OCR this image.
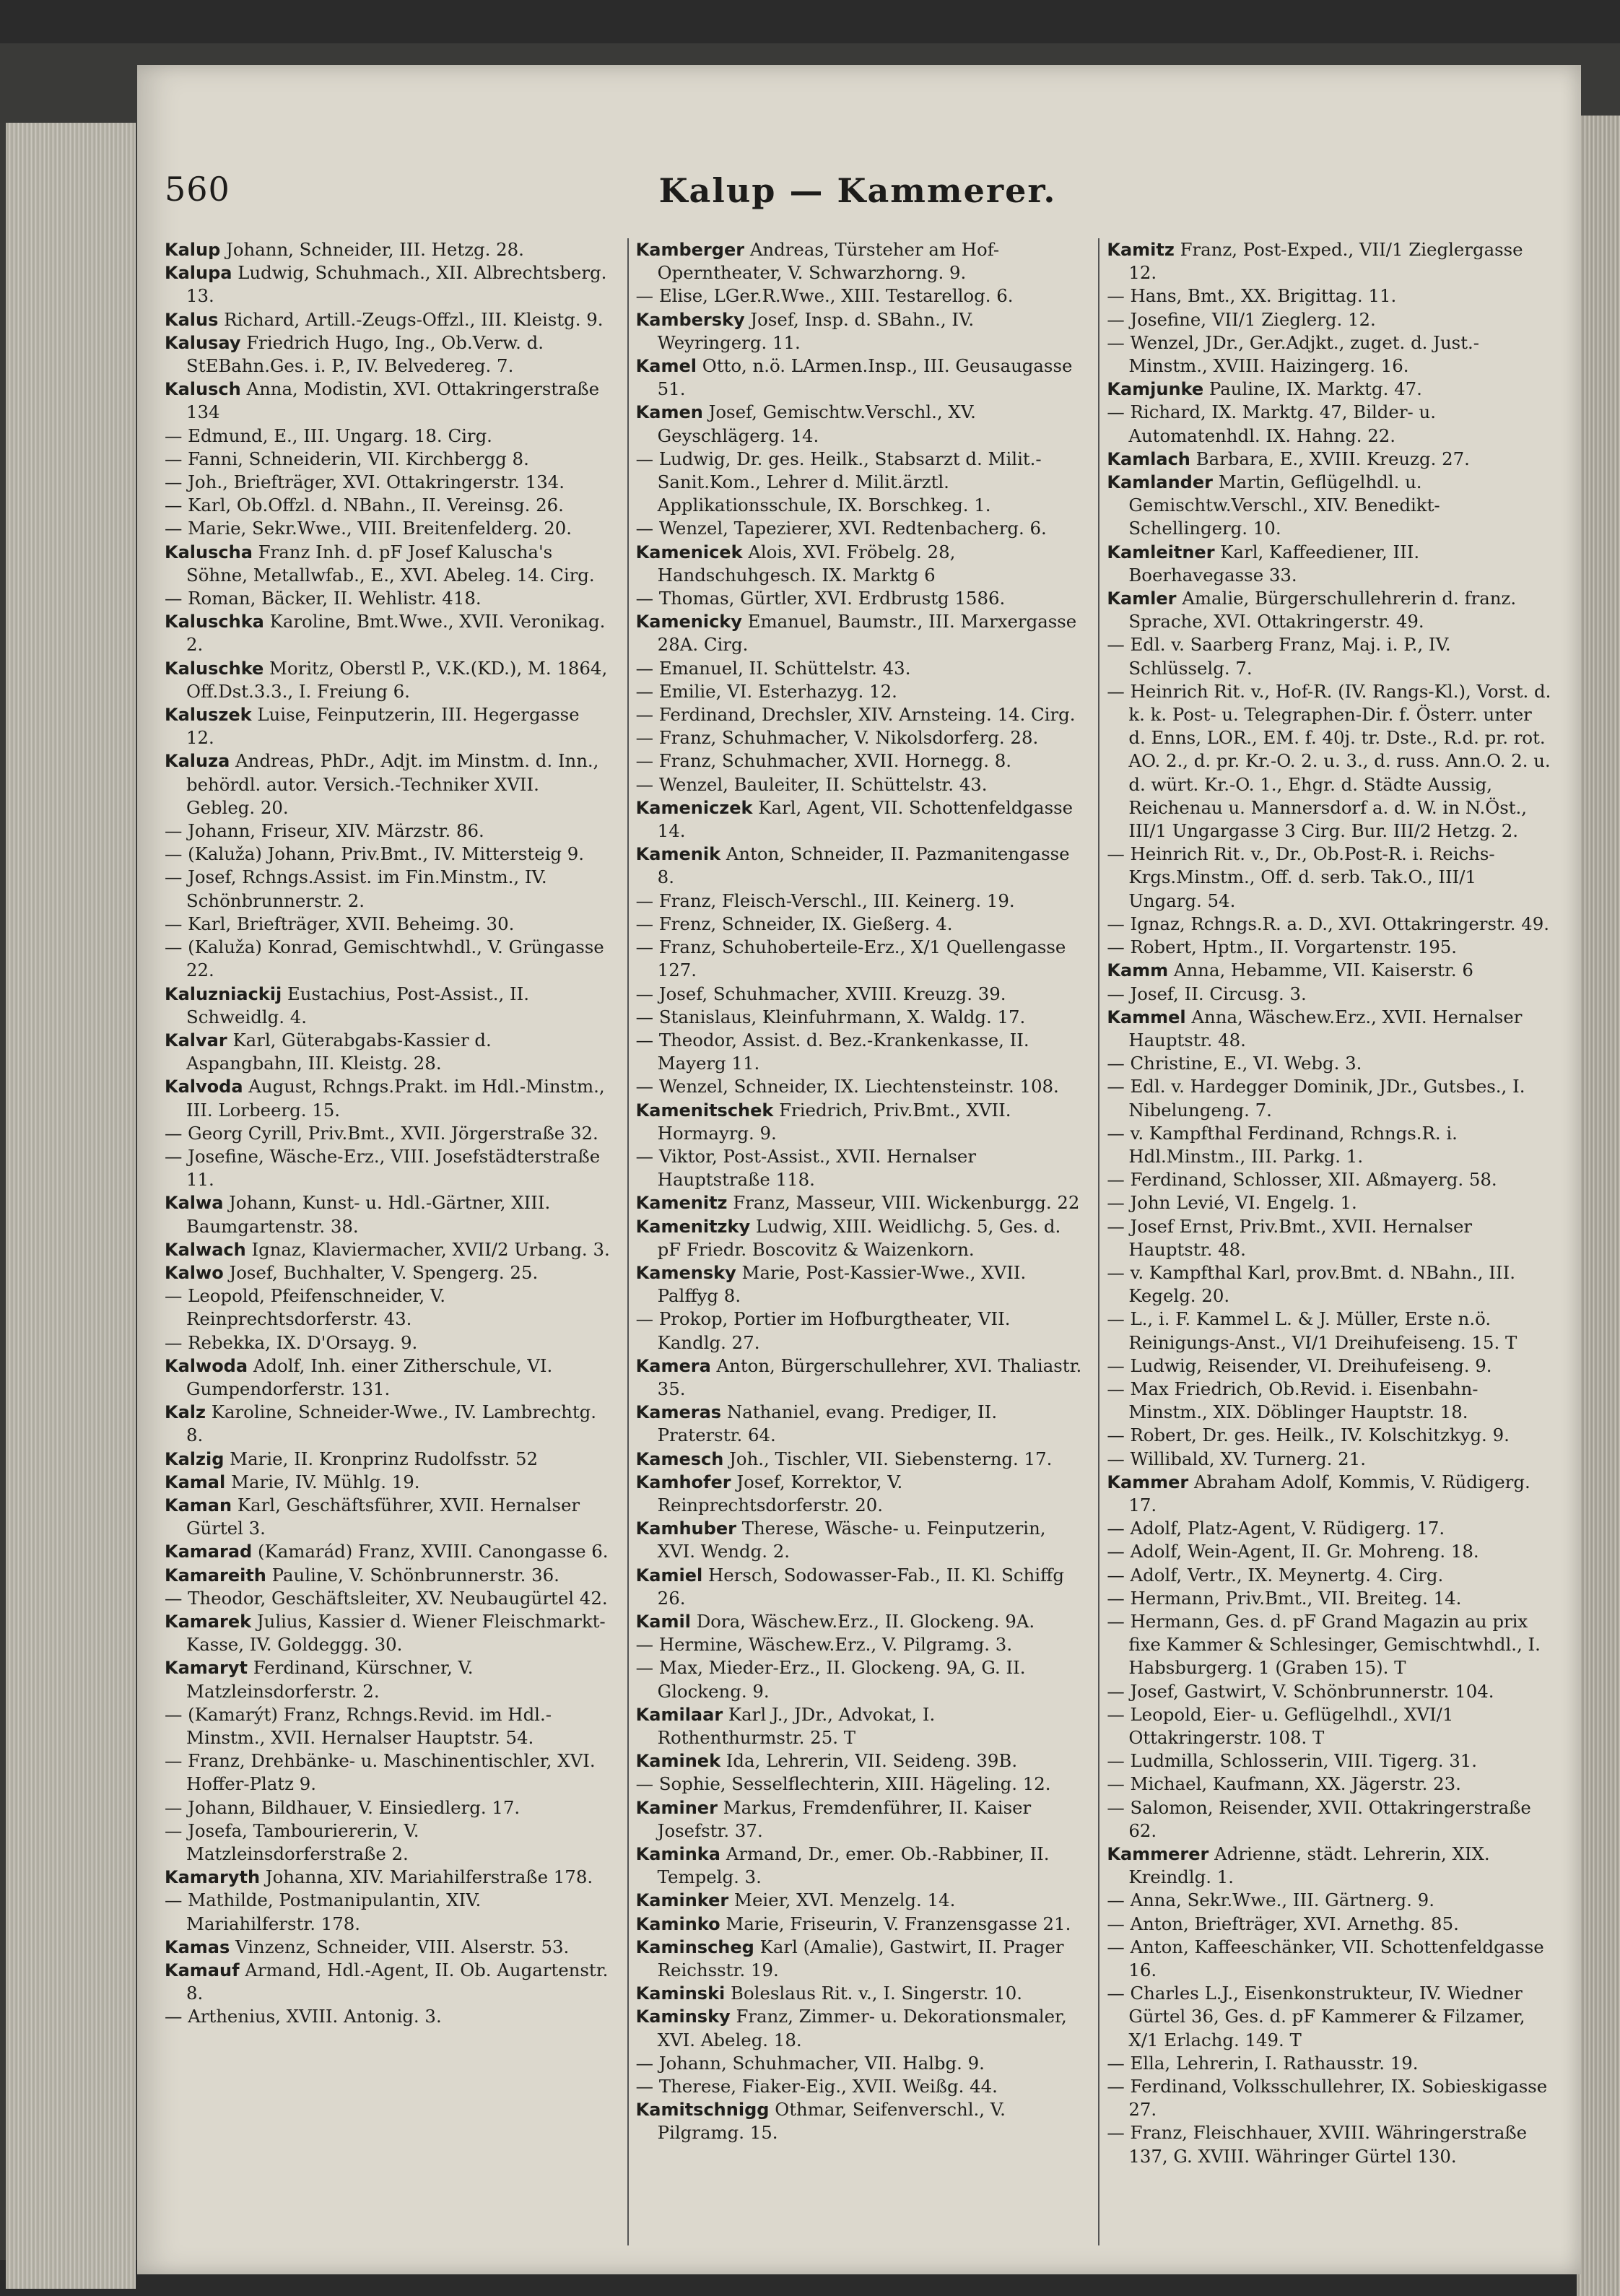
560	Kalup — Kammerer.

Kalup Johann, Schneider, III. Hetzg. 28.

Kalupa Ludwig, Schuhmach., XII. Albrechtsberg. 13.

Kalus Richard, Artill.-Zeugs-Offzl., III. Kleistg. 9.

Kalusay Friedrich Hugo, Ing., Ob.Verw. d. StEBahn.Ges. i. P., IV. Belvedereg. 7.

Kalusch Anna, Modistin, XVI. Ottakringerstraße 134

— Edmund, E., III. Ungarg. 18. Cirg.

— Fanni, Schneiderin, VII. Kirchbergg 8.

— Joh., Briefträger, XVI. Ottakringerstr. 134.

— Karl, Ob.Offzl. d. NBahn., II. Vereinsg. 26.

— Marie, Sekr.Wwe., VIII. Breitenfelderg. 20.

Kaluscha Franz Inh. d. pF Josef Kaluscha's Söhne, Metallwfab., E., XVI. Abeleg. 14. Cirg.

— Roman, Bäcker, II. Wehlistr. 418.

Kaluschka Karoline, Bmt.Wwe., XVII. Veronikag. 2.

Kaluschke Moritz, Oberstl P., V.K.(KD.), M. 1864, Off.Dst.3.3., I. Freiung 6.

Kaluszek Luise, Feinputzerin, III. Hegergasse 12.

Kaluza Andreas, PhDr., Adjt. im Minstm. d. Inn., behördl. autor. Versich.-Techniker XVII. Gebleg. 20.

— Johann, Friseur, XIV. Märzstr. 86.

— (Kaluža) Johann, Priv.Bmt., IV. Mittersteig 9.

— Josef, Rchngs.Assist. im Fin.Minstm., IV. Schönbrunnerstr. 2.

— Karl, Briefträger, XVII. Beheimg. 30.

— (Kaluža) Konrad, Gemischtwhdl., V. Grüngasse 22.

Kaluzniackij Eustachius, Post-Assist., II. Schweidlg. 4.

Kalvar Karl, Güterabgabs-Kassier d. Aspangbahn, III. Kleistg. 28.

Kalvoda August, Rchngs.Prakt. im Hdl.-Minstm., III. Lorbeerg. 15.

— Georg Cyrill, Priv.Bmt., XVII. Jörgerstraße 32.

— Josefine, Wäsche-Erz., VIII. Josefstädterstraße 11.

Kalwa Johann, Kunst- u. Hdl.-Gärtner, XIII. Baumgartenstr. 38.

Kalwach Ignaz, Klaviermacher, XVII/2 Urbang. 3.

Kalwo Josef, Buchhalter, V. Spengerg. 25.

— Leopold, Pfeifenschneider, V. Reinprechtsdorferstr. 43.

— Rebekka, IX. D'Orsayg. 9.

Kalwoda Adolf, Inh. einer Zitherschule, VI. Gumpendorferstr. 131.

Kalz Karoline, Schneider-Wwe., IV. Lambrechtg. 8.

Kalzig Marie, II. Kronprinz Rudolfsstr. 52

Kamal Marie, IV. Mühlg. 19.

Kaman Karl, Geschäftsführer, XVII. Hernalser Gürtel 3.

Kamarad (Kamarád) Franz, XVIII. Canongasse 6.

Kamareith Pauline, V. Schönbrunnerstr. 36.

— Theodor, Geschäftsleiter, XV. Neubaugürtel 42.

Kamarek Julius, Kassier d. Wiener Fleischmarkt-Kasse, IV. Goldeggg. 30.

Kamaryt Ferdinand, Kürschner, V. Matzleinsdorferstr. 2.

— (Kamarýt) Franz, Rchngs.Revid. im Hdl.-Minstm., XVII. Hernalser Hauptstr. 54.

— Franz, Drehbänke- u. Maschinentischler, XVI. Hoffer-Platz 9.

— Johann, Bildhauer, V. Einsiedlerg. 17.

— Josefa, Tambouriererin, V. Matzleinsdorferstraße 2.

Kamaryth Johanna, XIV. Mariahilferstraße 178.

— Mathilde, Postmanipulantin, XIV. Mariahilferstr. 178.

Kamas Vinzenz, Schneider, VIII. Alserstr. 53.

Kamauf Armand, Hdl.-Agent, II. Ob. Augartenstr. 8.

— Arthenius, XVIII. Antonig. 3.

Kamberger Andreas, Türsteher am Hof-Operntheater, V. Schwarzhorng. 9.

— Elise, LGer.R.Wwe., XIII. Testarellog. 6.

Kambersky Josef, Insp. d. SBahn., IV. Weyringerg. 11.

Kamel Otto, n.ö. LArmen.Insp., III. Geusaugasse 51.

Kamen Josef, Gemischtw.Verschl., XV. Geyschlägerg. 14.

— Ludwig, Dr. ges. Heilk., Stabsarzt d. Milit.-Sanit.Kom., Lehrer d. Milit.ärztl. Applikationsschule, IX. Borschkeg. 1.

— Wenzel, Tapezierer, XVI. Redtenbacherg. 6.

Kamenicek Alois, XVI. Fröbelg. 28, Handschuhgesch. IX. Marktg 6

— Thomas, Gürtler, XVI. Erdbrustg 1586.

Kamenicky Emanuel, Baumstr., III. Marxergasse 28A. Cirg.

— Emanuel, II. Schüttelstr. 43.

— Emilie, VI. Esterhazyg. 12.

— Ferdinand, Drechsler, XIV. Arnsteing. 14. Cirg.

— Franz, Schuhmacher, V. Nikolsdorferg. 28.

— Franz, Schuhmacher, XVII. Hornegg. 8.

— Wenzel, Bauleiter, II. Schüttelstr. 43.

Kameniczek Karl, Agent, VII. Schottenfeldgasse 14.

Kamenik Anton, Schneider, II. Pazmanitengasse 8.

— Franz, Fleisch-Verschl., III. Keinerg. 19.

— Frenz, Schneider, IX. Gießerg. 4.

— Franz, Schuhoberteile-Erz., X/1 Quellengasse 127.

— Josef, Schuhmacher, XVIII. Kreuzg. 39.

— Stanislaus, Kleinfuhrmann, X. Waldg. 17.

— Theodor, Assist. d. Bez.-Krankenkasse, II. Mayerg 11.

— Wenzel, Schneider, IX. Liechtensteinstr. 108.

Kamenitschek Friedrich, Priv.Bmt., XVII. Hormayrg. 9.

— Viktor, Post-Assist., XVII. Hernalser Hauptstraße 118.

Kamenitz Franz, Masseur, VIII. Wickenburgg. 22

Kamenitzky Ludwig, XIII. Weidlichg. 5, Ges. d. pF Friedr. Boscovitz & Waizenkorn.

Kamensky Marie, Post-Kassier-Wwe., XVII. Palffyg 8.

— Prokop, Portier im Hofburgtheater, VII. Kandlg. 27.

Kamera Anton, Bürgerschullehrer, XVI. Thaliastr. 35.

Kameras Nathaniel, evang. Prediger, II. Praterstr. 64.

Kamesch Joh., Tischler, VII. Siebensterng. 17.

Kamhofer Josef, Korrektor, V. Reinprechtsdorferstr. 20.

Kamhuber Therese, Wäsche- u. Feinputzerin, XVI. Wendg. 2.

Kamiel Hersch, Sodowasser-Fab., II. Kl. Schiffg 26.

Kamil Dora, Wäschew.Erz., II. Glockeng. 9A.

— Hermine, Wäschew.Erz., V. Pilgramg. 3.

— Max, Mieder-Erz., II. Glockeng. 9A, G. II. Glockeng. 9.

Kamilaar Karl J., JDr., Advokat, I. Rothenthurmstr. 25. T

Kaminek Ida, Lehrerin, VII. Seideng. 39B.

— Sophie, Sesselflechterin, XIII. Hägeling. 12.

Kaminer Markus, Fremdenführer, II. Kaiser Josefstr. 37.

Kaminka Armand, Dr., emer. Ob.-Rabbiner, II. Tempelg. 3.

Kaminker Meier, XVI. Menzelg. 14.

Kaminko Marie, Friseurin, V. Franzensgasse 21.

Kaminscheg Karl (Amalie), Gastwirt, II. Prager Reichsstr. 19.

Kaminski Boleslaus Rit. v., I. Singerstr. 10.

Kaminsky Franz, Zimmer- u. Dekorationsmaler, XVI. Abeleg. 18.

— Johann, Schuhmacher, VII. Halbg. 9.

— Therese, Fiaker-Eig., XVII. Weißg. 44.

Kamitschnigg Othmar, Seifenverschl., V. Pilgramg. 15.

Kamitz Franz, Post-Exped., VII/1 Zieglergasse 12.

— Hans, Bmt., XX. Brigittag. 11.

— Josefine, VII/1 Zieglerg. 12.

— Wenzel, JDr., Ger.Adjkt., zuget. d. Just.-Minstm., XVIII. Haizingerg. 16.

Kamjunke Pauline, IX. Marktg. 47.

— Richard, IX. Marktg. 47, Bilder- u. Automatenhdl. IX. Hahng. 22.

Kamlach Barbara, E., XVIII. Kreuzg. 27.

Kamlander Martin, Geflügelhdl. u. Gemischtw.Verschl., XIV. Benedikt-Schellingerg. 10.

Kamleitner Karl, Kaffeediener, III. Boerhavegasse 33.

Kamler Amalie, Bürgerschullehrerin d. franz. Sprache, XVI. Ottakringerstr. 49.

— Edl. v. Saarberg Franz, Maj. i. P., IV. Schlüsselg. 7.

— Heinrich Rit. v., Hof-R. (IV. Rangs-Kl.), Vorst. d. k. k. Post- u. Telegraphen-Dir. f. Österr. unter d. Enns, LOR., EM. f. 40j. tr. Dste., R.d. pr. rot. AO. 2., d. pr. Kr.-O. 2. u. 3., d. russ. Ann.O. 2. u. d. würt. Kr.-O. 1., Ehgr. d. Städte Aussig, Reichenau u. Mannersdorf a. d. W. in N.Öst., III/1 Ungargasse 3 Cirg. Bur. III/2 Hetzg. 2.

— Heinrich Rit. v., Dr., Ob.Post-R. i. Reichs-Krgs.Minstm., Off. d. serb. Tak.O., III/1 Ungarg. 54.

— Ignaz, Rchngs.R. a. D., XVI. Ottakringerstr. 49.

— Robert, Hptm., II. Vorgartenstr. 195.

Kamm Anna, Hebamme, VII. Kaiserstr. 6

— Josef, II. Circusg. 3.

Kammel Anna, Wäschew.Erz., XVII. Hernalser Hauptstr. 48.

— Christine, E., VI. Webg. 3.

— Edl. v. Hardegger Dominik, JDr., Gutsbes., I. Nibelungeng. 7.

— v. Kampfthal Ferdinand, Rchngs.R. i. Hdl.Minstm., III. Parkg. 1.

— Ferdinand, Schlosser, XII. Aßmayerg. 58.

— John Levié, VI. Engelg. 1.

— Josef Ernst, Priv.Bmt., XVII. Hernalser Hauptstr. 48.

— v. Kampfthal Karl, prov.Bmt. d. NBahn., III. Kegelg. 20.

— L., i. F. Kammel L. & J. Müller, Erste n.ö. Reinigungs-Anst., VI/1 Dreihufeiseng. 15. T

— Ludwig, Reisender, VI. Dreihufeiseng. 9.

— Max Friedrich, Ob.Revid. i. Eisenbahn-Minstm., XIX. Döblinger Hauptstr. 18.

— Robert, Dr. ges. Heilk., IV. Kolschitzkyg. 9.

— Willibald, XV. Turnerg. 21.

Kammer Abraham Adolf, Kommis, V. Rüdigerg. 17.

— Adolf, Platz-Agent, V. Rüdigerg. 17.

— Adolf, Wein-Agent, II. Gr. Mohreng. 18.

— Adolf, Vertr., IX. Meynertg. 4. Cirg.

— Hermann, Priv.Bmt., VII. Breiteg. 14.

— Hermann, Ges. d. pF Grand Magazin au prix fixe Kammer & Schlesinger, Gemischtwhdl., I. Habsburgerg. 1 (Graben 15). T

— Josef, Gastwirt, V. Schönbrunnerstr. 104.

— Leopold, Eier- u. Geflügelhdl., XVI/1 Ottakringerstr. 108. T

— Ludmilla, Schlosserin, VIII. Tigerg. 31.

— Michael, Kaufmann, XX. Jägerstr. 23.

— Salomon, Reisender, XVII. Ottakringerstraße 62.

Kammerer Adrienne, städt. Lehrerin, XIX. Kreindlg. 1.

— Anna, Sekr.Wwe., III. Gärtnerg. 9.

— Anton, Briefträger, XVI. Arnethg. 85.

— Anton, Kaffeeschänker, VII. Schottenfeldgasse 16.

— Charles L.J., Eisenkonstrukteur, IV. Wiedner Gürtel 36, Ges. d. pF Kammerer & Filzamer, X/1 Erlachg. 149. T

— Ella, Lehrerin, I. Rathausstr. 19.

— Ferdinand, Volksschullehrer, IX. Sobieskigasse 27.

— Franz, Fleischhauer, XVIII. Währingerstraße 137, G. XVIII. Währinger Gürtel 130.
